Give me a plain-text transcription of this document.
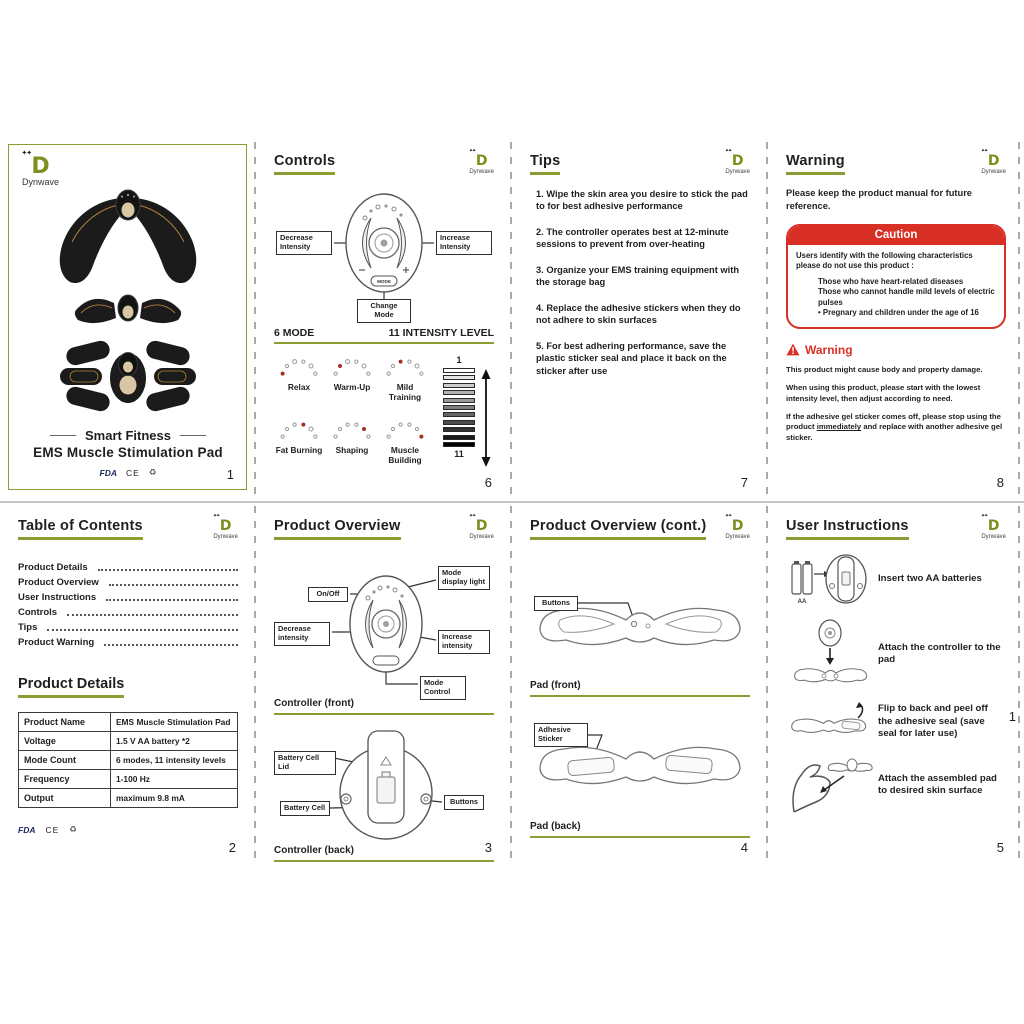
✦✦
D
Dynwave
Smart Fitness
EMS Muscle Stimulation Pad
FDA CE ♻	1
Controls
✦✦
D
Dynwave
MODE
Decrease Intensity
Increase Intensity
Change Mode
6 MODE	11 INTENSITY LEVEL
Relax	Warm-Up	Mild Training
Fat Burning	Shaping	Muscle Building
1
11
6
Tips
✦✦
D
Dynwave

1. Wipe the skin area you desire to stick the pad to for best adhesive performance

2. The controller operates best at 12-minute sessions to prevent from over-heating

3. Organize your EMS training equipment with the storage bag

4. Replace the adhesive stickers when they do not adhere to skin surfaces

5. For best adhering performance, save the plastic sticker seal and place it back on the sticker after use

7
Warning
✦✦
D
Dynwave

Please keep the product manual for future reference.

Caution
Users identify with the following characteristics please do not use this product :
Those who have heart-related diseases
Those who cannot handle mild levels of electric pulses
• Pregnary and children under the age of 16
Warning

This product might cause body and property damage.

When using this product, please start with the lowest intensity level, then adjust according to need.

If the adhesive gel sticker comes off, please stop using the product immediately and replace with another adhesive gel sticker.

8
Table of Contents
✦✦
D
Dynwave
Product Details
Product Overview
User Instructions
Controls
Tips
Product Warning
Product Details
Product Name	EMS Muscle Stimulation Pad
Voltage	1.5 V AA battery *2
Mode Count	6 modes, 11 intensity levels
Frequency	1-100 Hz
Output	maximum 9.8 mA
FDA CE ♻
2
Product Overview
✦✦
D
Dynwave
On/Off
Decrease intensity
Mode display light
Increase intensity
Mode Control
Controller (front)
Battery Cell Lid
Battery Cell
Buttons
Controller (back)	3
Product Overview (cont.)
✦✦
D
Dynwave
Buttons
Pad (front)
Adhesive Sticker
Pad (back)
4
User Instructions
✦✦
D
Dynwave
AA
Insert two AA batteries
Attach the controller to the pad
Flip to back and peel off the adhesive seal (save seal for later use)
Attach the assembled pad to desired skin surface
1
5
